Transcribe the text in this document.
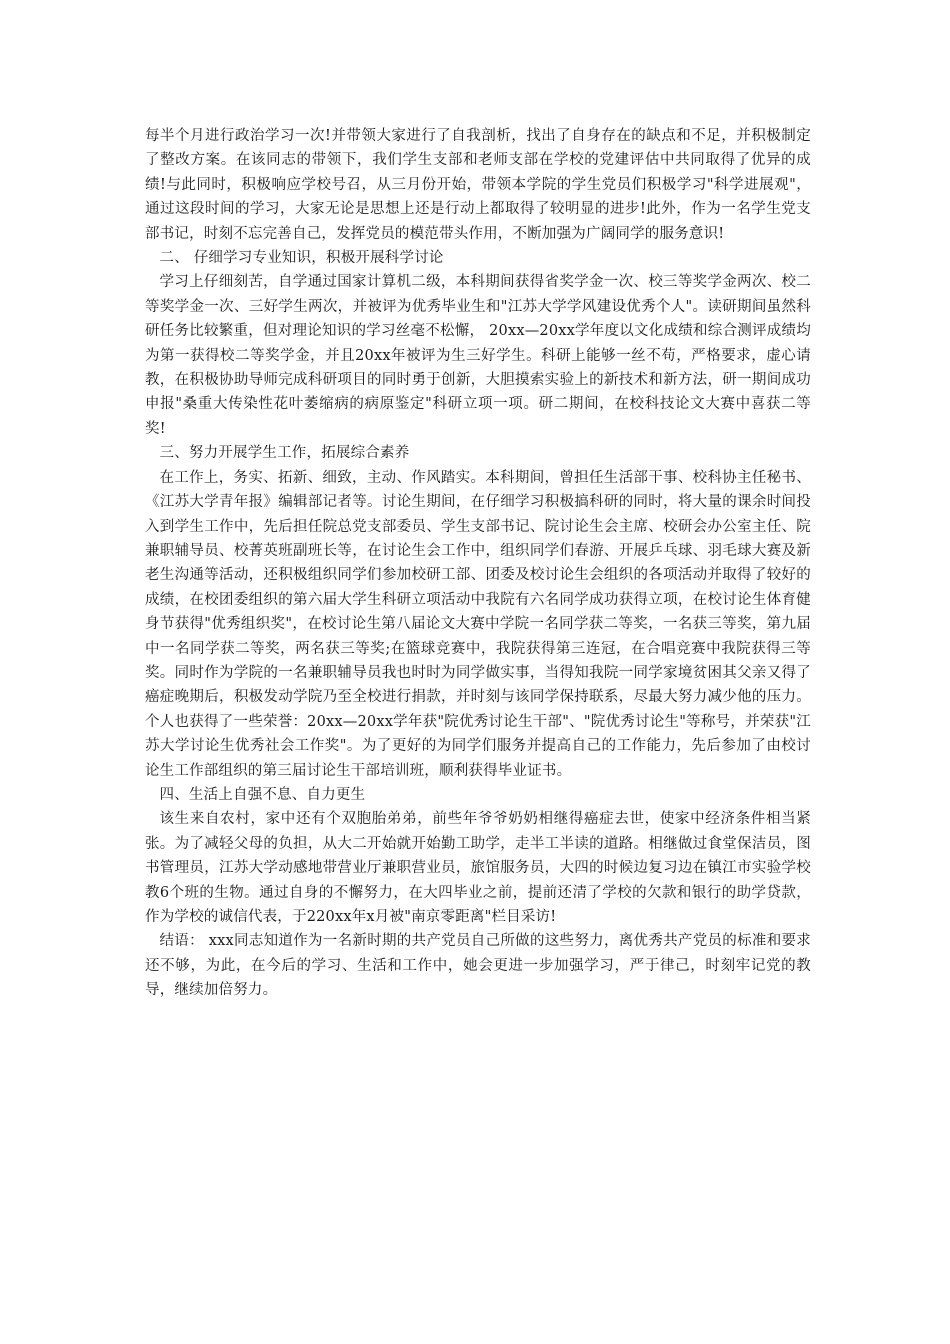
每半个月进行政治学习一次!并带领大家进行了自我剖析，找出了自身存在的缺点和不足，并积极制定了整改方案。在该同志的带领下，我们学生支部和老师支部在学校的党建评估中共同取得了优异的成绩!与此同时，积极响应学校号召，从三月份开始，带领本学院的学生党员们积极学习"科学进展观"，通过这段时间的学习，大家无论是思想上还是行动上都取得了较明显的进步!此外，作为一名学生党支部书记，时刻不忘完善自己，发挥党员的模范带头作用，不断加强为广阔同学的服务意识!

二、 仔细学习专业知识，积极开展科学讨论

学习上仔细刻苦，自学通过国家计算机二级，本科期间获得省奖学金一次、校三等奖学金两次、校二等奖学金一次、三好学生两次，并被评为优秀毕业生和"江苏大学学风建设优秀个人"。读研期间虽然科研任务比较繁重，但对理论知识的学习丝毫不松懈， 20xx—20xx学年度以文化成绩和综合测评成绩均为第一获得校二等奖学金，并且20xx年被评为生三好学生。科研上能够一丝不苟，严格要求，虚心请教，在积极协助导师完成科研项目的同时勇于创新，大胆摸索实验上的新技术和新方法，研一期间成功申报"桑重大传染性花叶萎缩病的病原鉴定"科研立项一项。研二期间，在校科技论文大赛中喜获二等奖!

三、努力开展学生工作，拓展综合素养

在工作上，务实、拓新、细致，主动、作风踏实。本科期间，曾担任生活部干事、校科协主任秘书、《江苏大学青年报》编辑部记者等。讨论生期间，在仔细学习积极搞科研的同时，将大量的课余时间投入到学生工作中，先后担任院总党支部委员、学生支部书记、院讨论生会主席、校研会办公室主任、院兼职辅导员、校菁英班副班长等，在讨论生会工作中，组织同学们春游、开展乒乓球、羽毛球大赛及新老生沟通等活动，还积极组织同学们参加校研工部、团委及校讨论生会组织的各项活动并取得了较好的成绩，在校团委组织的第六届大学生科研立项活动中我院有六名同学成功获得立项，在校讨论生体育健身节获得"优秀组织奖"，在校讨论生第八届论文大赛中学院一名同学获二等奖，一名获三等奖，第九届中一名同学获二等奖，两名获三等奖;在篮球竞赛中，我院获得第三连冠，在合唱竞赛中我院获得三等奖。同时作为学院的一名兼职辅导员我也时时为同学做实事，当得知我院一同学家境贫困其父亲又得了癌症晚期后，积极发动学院乃至全校进行捐款，并时刻与该同学保持联系，尽最大努力减少他的压力。个人也获得了一些荣誉：20xx—20xx学年获"院优秀讨论生干部"、"院优秀讨论生"等称号，并荣获"江苏大学讨论生优秀社会工作奖"。为了更好的为同学们服务并提高自己的工作能力，先后参加了由校讨论生工作部组织的第三届讨论生干部培训班，顺利获得毕业证书。

四、生活上自强不息、自力更生

该生来自农村，家中还有个双胞胎弟弟，前些年爷爷奶奶相继得癌症去世，使家中经济条件相当紧张。为了减轻父母的负担，从大二开始就开始勤工助学，走半工半读的道路。相继做过食堂保洁员，图书管理员，江苏大学动感地带营业厅兼职营业员，旅馆服务员，大四的时候边复习边在镇江市实验学校教6个班的生物。通过自身的不懈努力，在大四毕业之前，提前还清了学校的欠款和银行的助学贷款，作为学校的诚信代表，于220xx年x月被"南京零距离"栏目采访!

结语： xxx同志知道作为一名新时期的共产党员自己所做的这些努力，离优秀共产党员的标准和要求还不够，为此，在今后的学习、生活和工作中，她会更进一步加强学习，严于律己，时刻牢记党的教导，继续加倍努力。
